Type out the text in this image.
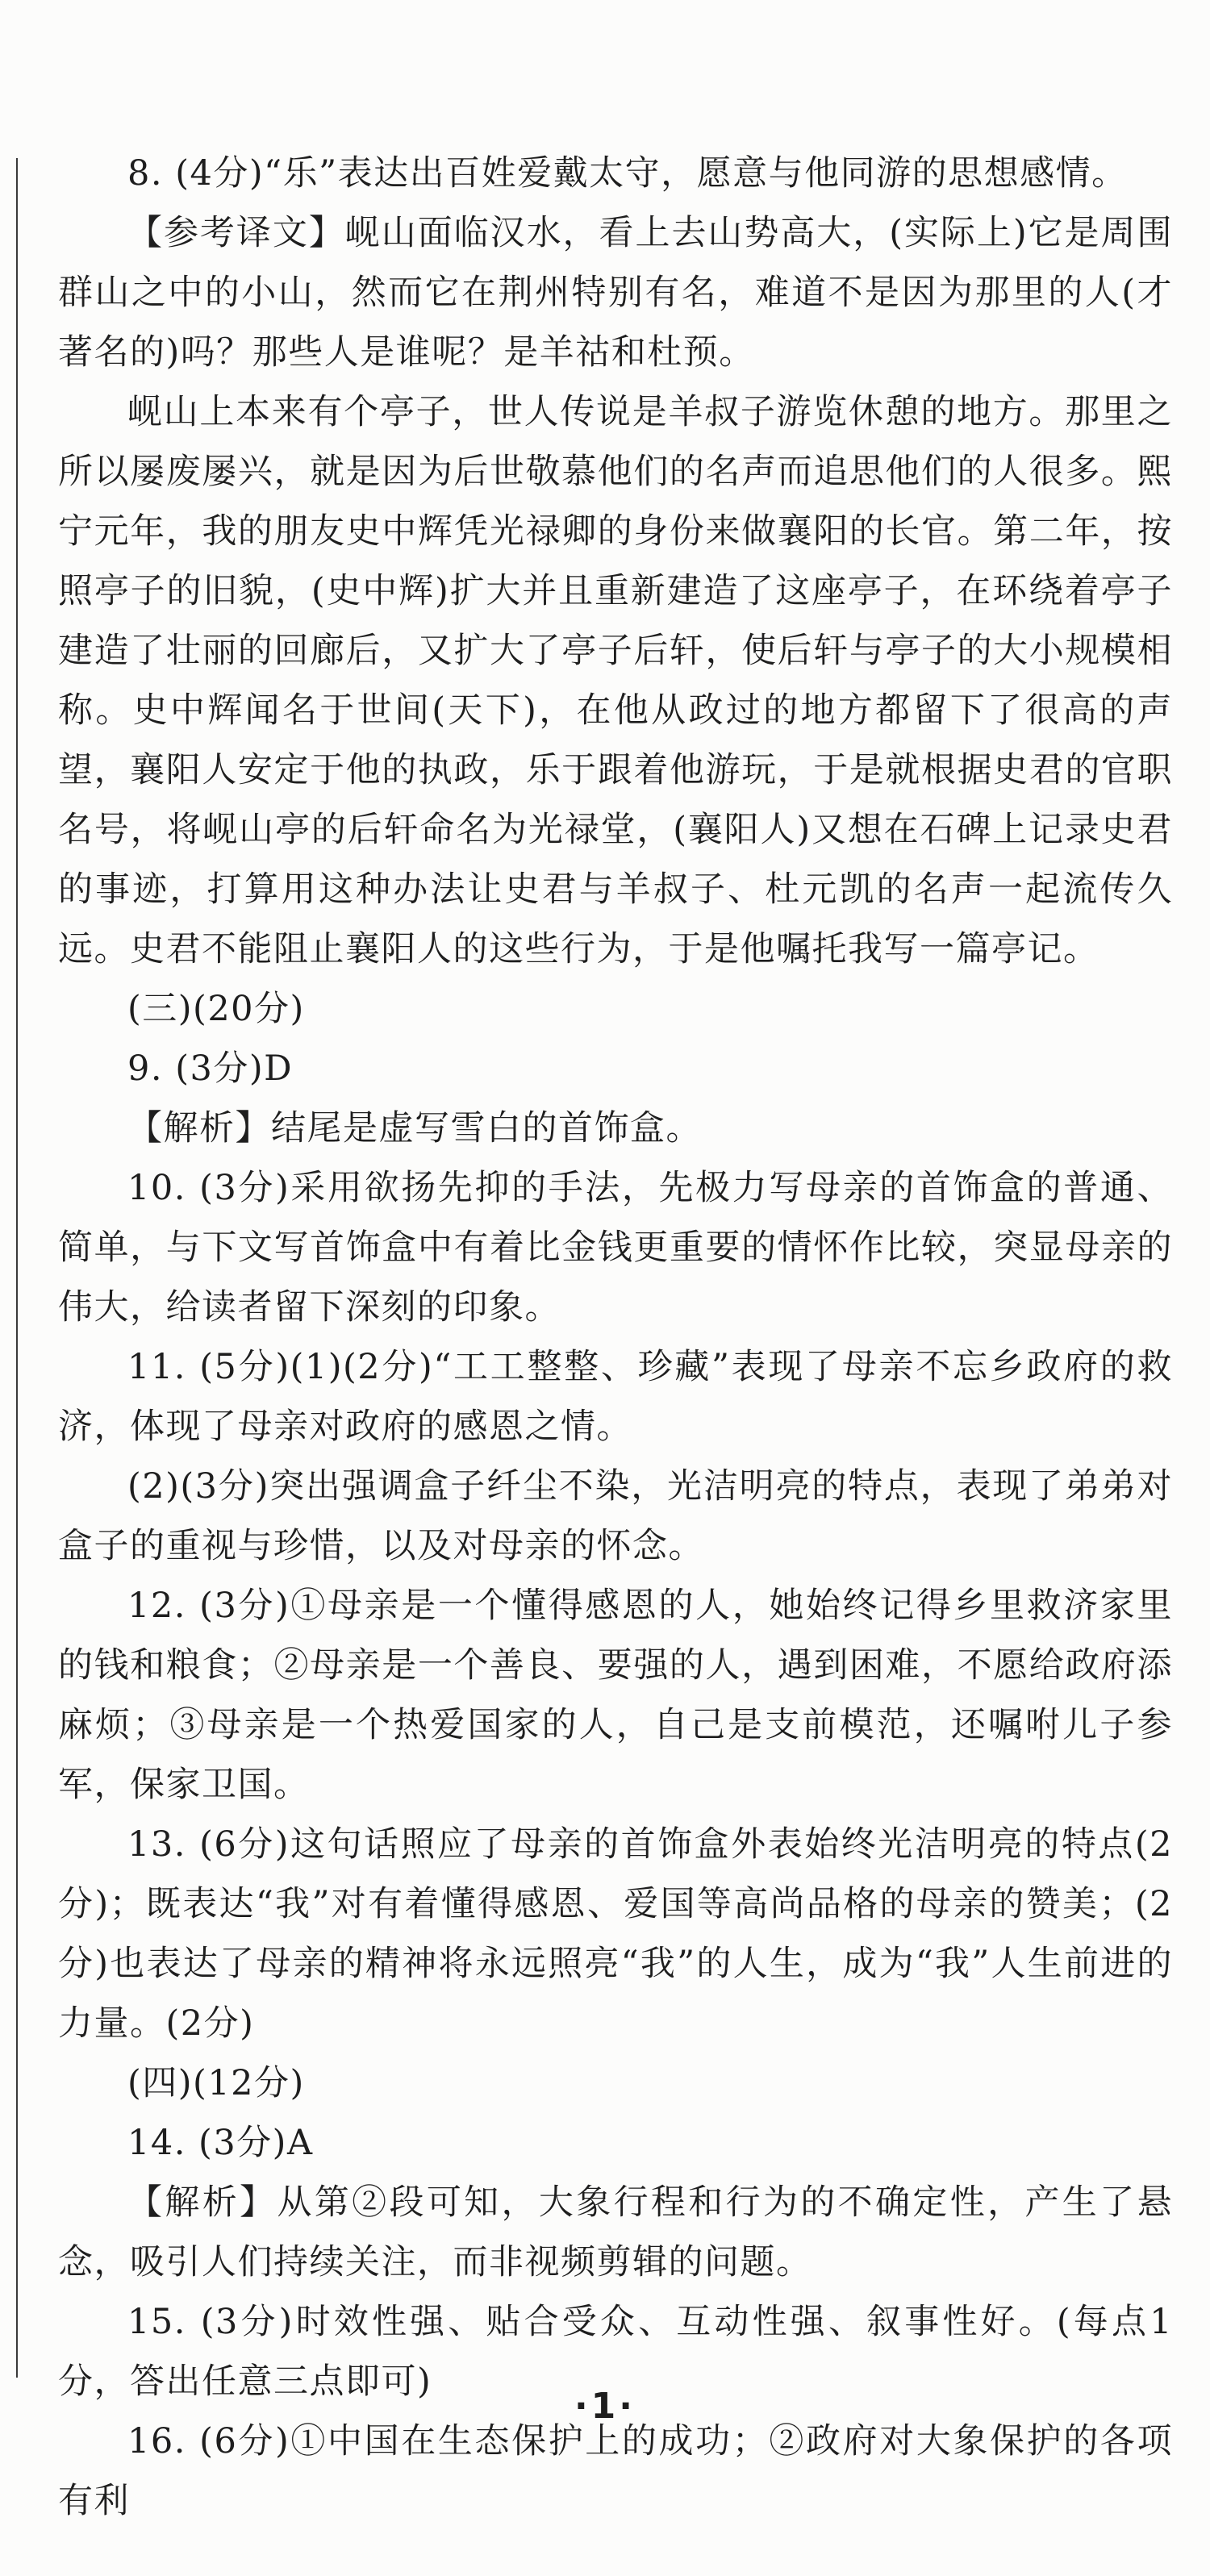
8. (4分)“乐”表达出百姓爱戴太守，愿意与他同游的思想感情。

【参考译文】岘山面临汉水，看上去山势高大，(实际上)它是周围群山之中的小山，然而它在荆州特别有名，难道不是因为那里的人(才著名的)吗？那些人是谁呢？是羊祜和杜预。

岘山上本来有个亭子，世人传说是羊叔子游览休憩的地方。那里之所以屡废屡兴，就是因为后世敬慕他们的名声而追思他们的人很多。熙宁元年，我的朋友史中辉凭光禄卿的身份来做襄阳的长官。第二年，按照亭子的旧貌，(史中辉)扩大并且重新建造了这座亭子，在环绕着亭子建造了壮丽的回廊后，又扩大了亭子后轩，使后轩与亭子的大小规模相称。史中辉闻名于世间(天下)，在他从政过的地方都留下了很高的声望，襄阳人安定于他的执政，乐于跟着他游玩，于是就根据史君的官职名号，将岘山亭的后轩命名为光禄堂，(襄阳人)又想在石碑上记录史君的事迹，打算用这种办法让史君与羊叔子、杜元凯的名声一起流传久远。史君不能阻止襄阳人的这些行为，于是他嘱托我写一篇亭记。

(三)(20分)

9. (3分)D

【解析】结尾是虚写雪白的首饰盒。

10. (3分)采用欲扬先抑的手法，先极力写母亲的首饰盒的普通、简单，与下文写首饰盒中有着比金钱更重要的情怀作比较，突显母亲的伟大，给读者留下深刻的印象。

11. (5分)(1)(2分)“工工整整、珍藏”表现了母亲不忘乡政府的救济，体现了母亲对政府的感恩之情。

(2)(3分)突出强调盒子纤尘不染，光洁明亮的特点，表现了弟弟对盒子的重视与珍惜，以及对母亲的怀念。

12. (3分)①母亲是一个懂得感恩的人，她始终记得乡里救济家里的钱和粮食；②母亲是一个善良、要强的人，遇到困难，不愿给政府添麻烦；③母亲是一个热爱国家的人，自己是支前模范，还嘱咐儿子参军，保家卫国。

13. (6分)这句话照应了母亲的首饰盒外表始终光洁明亮的特点(2分)；既表达“我”对有着懂得感恩、爱国等高尚品格的母亲的赞美；(2分)也表达了母亲的精神将永远照亮“我”的人生，成为“我”人生前进的力量。(2分)

(四)(12分)

14. (3分)A

【解析】从第②段可知，大象行程和行为的不确定性，产生了悬念，吸引人们持续关注，而非视频剪辑的问题。

15. (3分)时效性强、贴合受众、互动性强、叙事性好。(每点1分，答出任意三点即可)

16. (6分)①中国在生态保护上的成功；②政府对大象保护的各项有利

·1·
